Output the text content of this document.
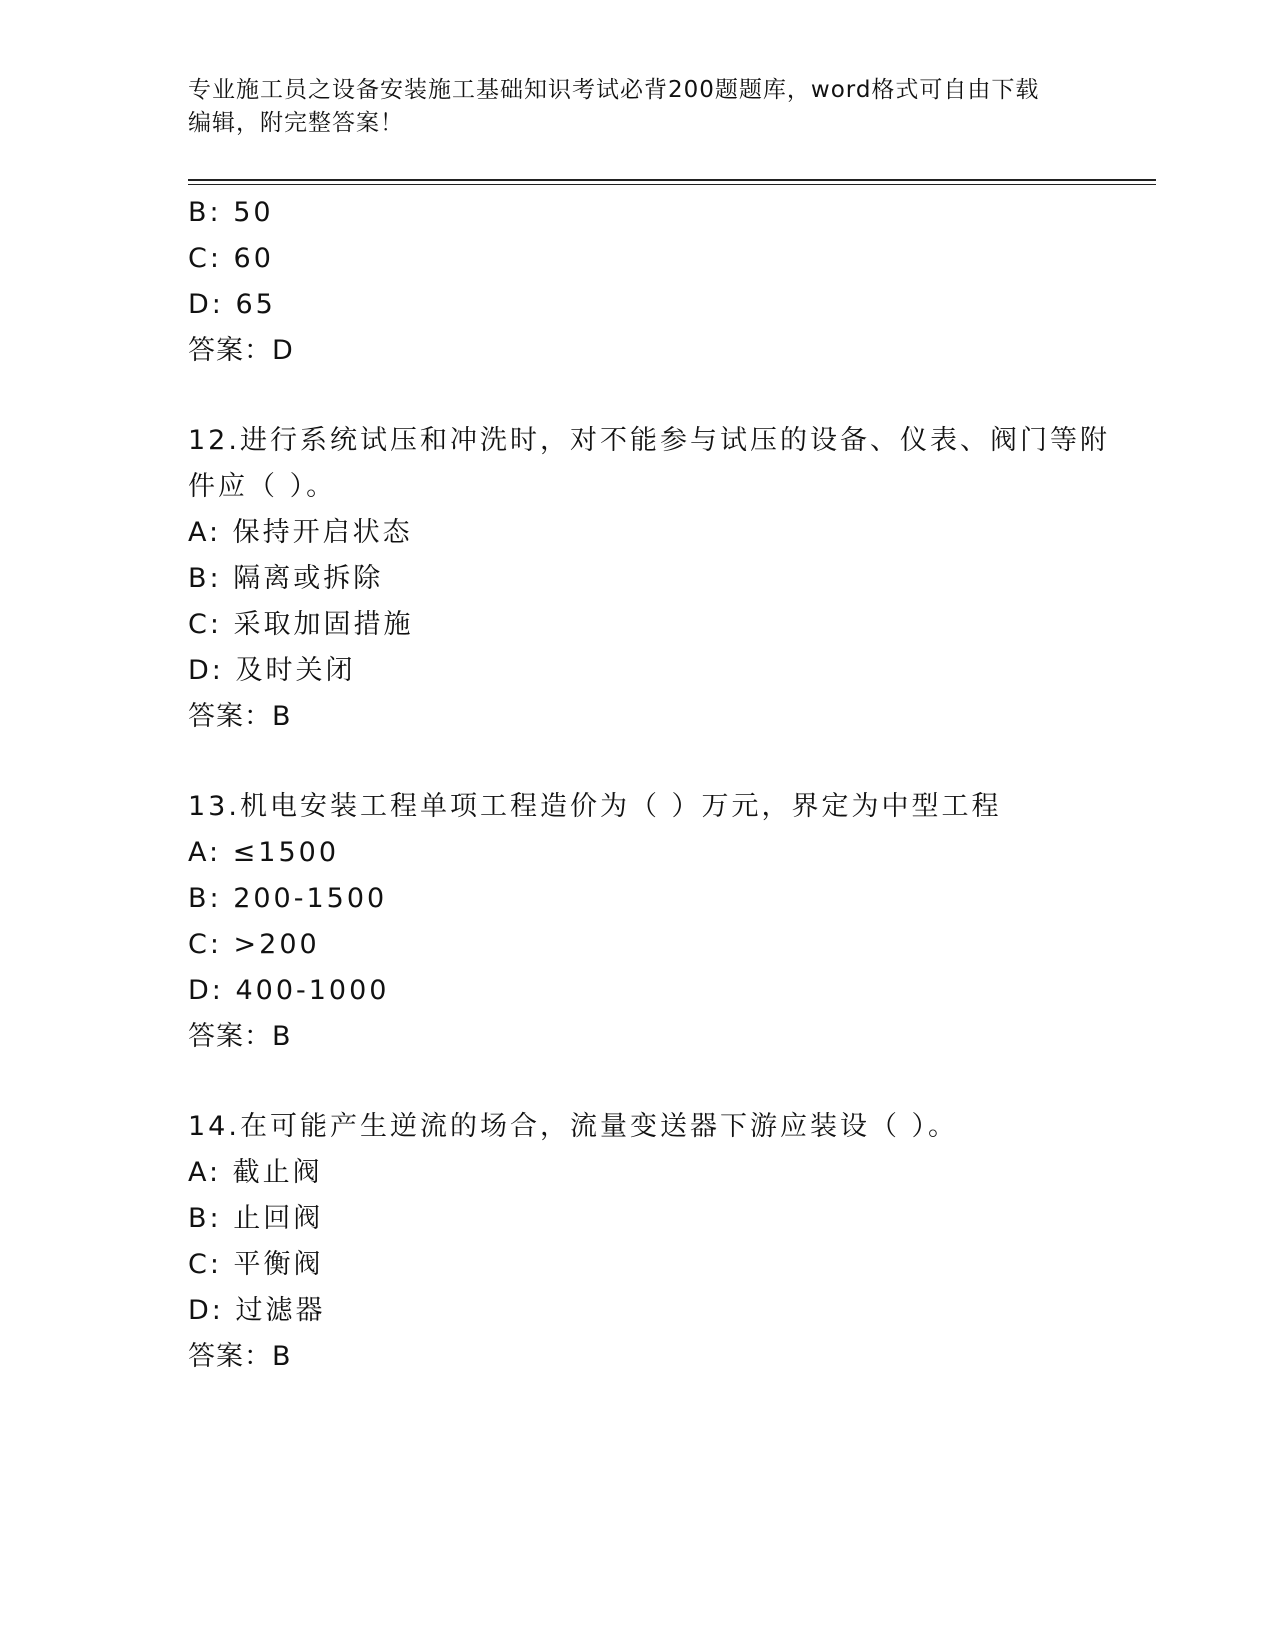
专业施工员之设备安装施工基础知识考试必背200题题库，word格式可自由下载
编辑，附完整答案！
B: 50
C: 60
D: 65
答案：D
12.进行系统试压和冲洗时，对不能参与试压的设备、仪表、阀门等附
件应（ ）。
A: 保持开启状态
B: 隔离或拆除
C: 采取加固措施
D: 及时关闭
答案：B
13.机电安装工程单项工程造价为（ ）万元，界定为中型工程
A: ≤1500
B: 200-1500
C: >200
D: 400-1000
答案：B
14.在可能产生逆流的场合，流量变送器下游应装设（ ）。
A: 截止阀
B: 止回阀
C: 平衡阀
D: 过滤器
答案：B
